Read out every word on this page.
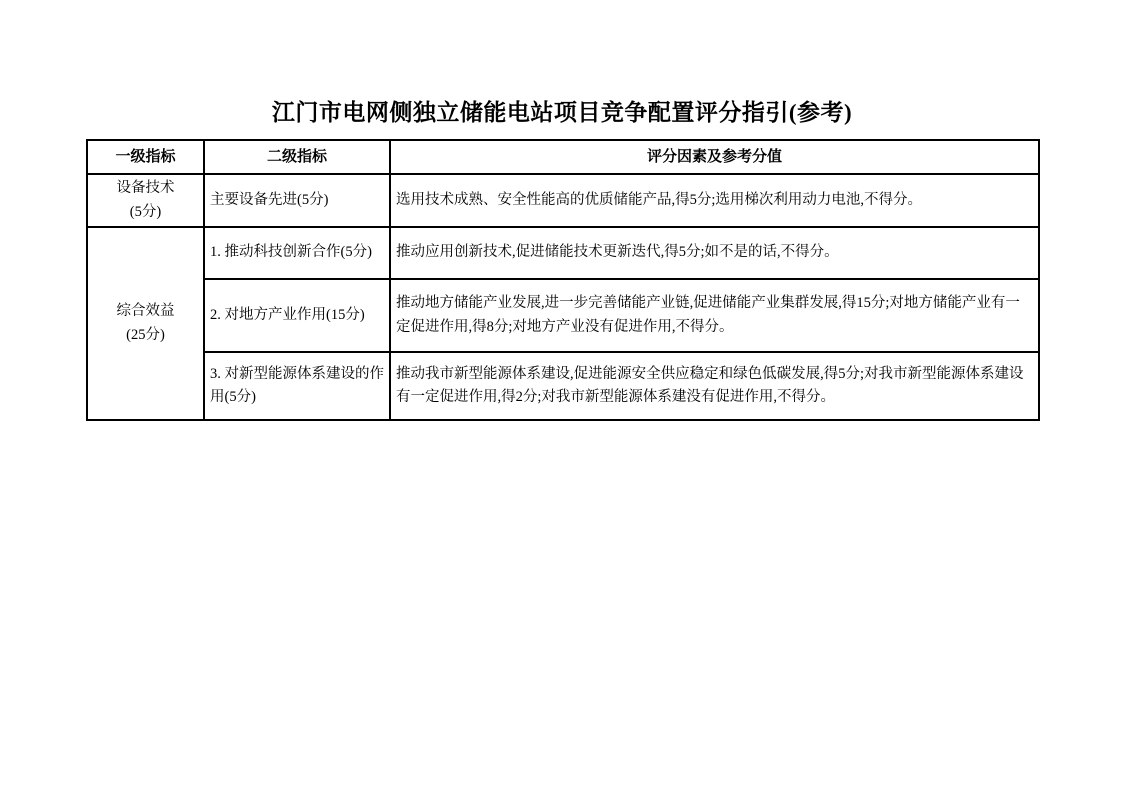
江门市电网侧独立储能电站项目竞争配置评分指引(参考)
一级指标	二级指标	评分因素及参考分值

设备技术
(5分)	主要设备先进(5分)	选用技术成熟、安全性能高的优质储能产品,得5分;选用梯次利用动力电池,不得分。

综合效益
(25分)	1. 推动科技创新合作(5分)	推动应用创新技术,促进储能技术更新迭代,得5分;如不是的话,不得分。
	2. 对地方产业作用(15分)	推动地方储能产业发展,进一步完善储能产业链,促进储能产业集群发展,得15分;对地方储能产业有一定促进作用,得8分;对地方产业没有促进作用,不得分。
	3. 对新型能源体系建设的作用(5分)	推动我市新型能源体系建设,促进能源安全供应稳定和绿色低碳发展,得5分;对我市新型能源体系建设有一定促进作用,得2分;对我市新型能源体系建没有促进作用,不得分。
